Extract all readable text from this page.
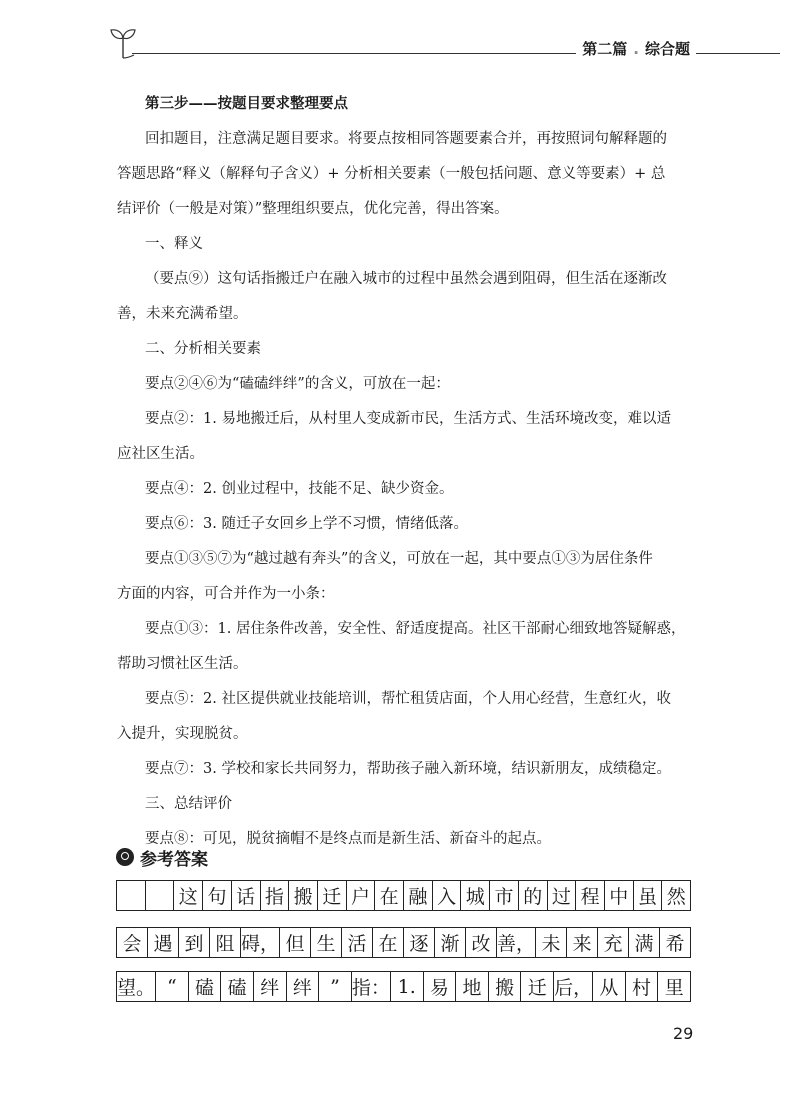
第二篇 . 综合题
第三步——按题目要求整理要点
回扣题目，注意满足题目要求。将要点按相同答题要素合并，再按照词句解释题的
答题思路“释义（解释句子含义）+ 分析相关要素（一般包括问题、意义等要素）+ 总
结评价（一般是对策）”整理组织要点，优化完善，得出答案。
一、释义
（要点⑨）这句话指搬迁户在融入城市的过程中虽然会遇到阻碍，但生活在逐渐改
善，未来充满希望。
二、分析相关要素
要点②④⑥为“磕磕绊绊”的含义，可放在一起：
要点②：1. 易地搬迁后，从村里人变成新市民，生活方式、生活环境改变，难以适
应社区生活。
要点④：2. 创业过程中，技能不足、缺少资金。
要点⑥：3. 随迁子女回乡上学不习惯，情绪低落。
要点①③⑤⑦为“越过越有奔头”的含义，可放在一起，其中要点①③为居住条件
方面的内容，可合并作为一小条：
要点①③：1. 居住条件改善，安全性、舒适度提高。社区干部耐心细致地答疑解惑，
帮助习惯社区生活。
要点⑤：2. 社区提供就业技能培训，帮忙租赁店面，个人用心经营，生意红火，收
入提升，实现脱贫。
要点⑦：3. 学校和家长共同努力，帮助孩子融入新环境，结识新朋友，成绩稳定。
三、总结评价
要点⑧：可见，脱贫摘帽不是终点而是新生活、新奋斗的起点。
参考答案
这 句 话 指 搬 迁 户 在 融 入 城 市 的 过 程 中 虽 然
会 遇 到 阻 碍， 但 生 活 在 逐 渐 改 善， 未 来 充 满 希
望。 “ 磕 磕 绊 绊 ” 指： 1. 易 地 搬 迁 后， 从 村 里
29
